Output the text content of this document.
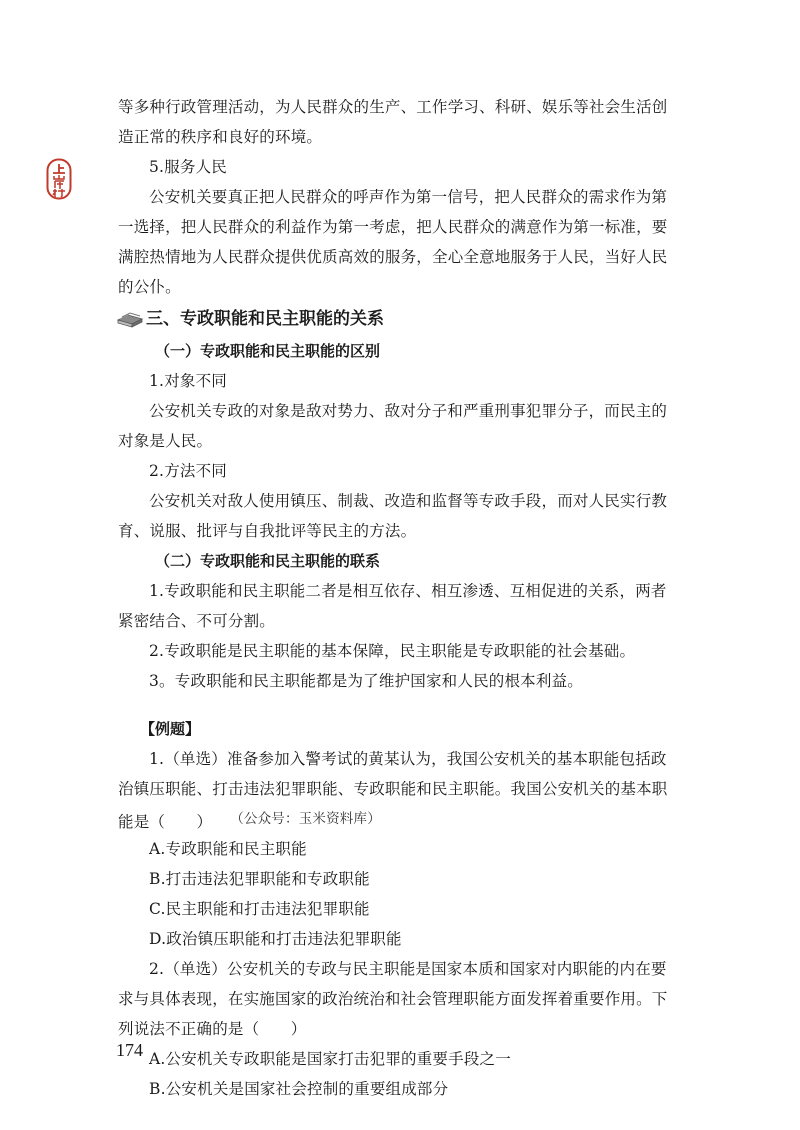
等多种行政管理活动，为人民群众的生产、工作学习、科研、娱乐等社会生活创
造正常的秩序和良好的环境。
5.服务人民
公安机关要真正把人民群众的呼声作为第一信号，把人民群众的需求作为第
一选择，把人民群众的利益作为第一考虑，把人民群众的满意作为第一标准，要
满腔热情地为人民群众提供优质高效的服务，全心全意地服务于人民，当好人民
的公仆。
三、专政职能和民主职能的关系
（一）专政职能和民主职能的区别
1.对象不同
公安机关专政的对象是敌对势力、敌对分子和严重刑事犯罪分子，而民主的
对象是人民。
2.方法不同
公安机关对敌人使用镇压、制裁、改造和监督等专政手段，而对人民实行教
育、说服、批评与自我批评等民主的方法。
（二）专政职能和民主职能的联系
1.专政职能和民主职能二者是相互依存、相互渗透、互相促进的关系，两者
紧密结合、不可分割。
2.专政职能是民主职能的基本保障，民主职能是专政职能的社会基础。
3。专政职能和民主职能都是为了维护国家和人民的根本利益。
【例题】
1.（单选）准备参加入警考试的黄某认为，我国公安机关的基本职能包括政
治镇压职能、打击违法犯罪职能、专政职能和民主职能。我国公安机关的基本职
能是（　　） （公众号：玉米资料库）
A.专政职能和民主职能
B.打击违法犯罪职能和专政职能
C.民主职能和打击违法犯罪职能
D.政治镇压职能和打击违法犯罪职能
2.（单选）公安机关的专政与民主职能是国家本质和国家对内职能的内在要
求与具体表现，在实施国家的政治统治和社会管理职能方面发挥着重要作用。下
列说法不正确的是（　　）
A.公安机关专政职能是国家打击犯罪的重要手段之一
B.公安机关是国家社会控制的重要组成部分
174
